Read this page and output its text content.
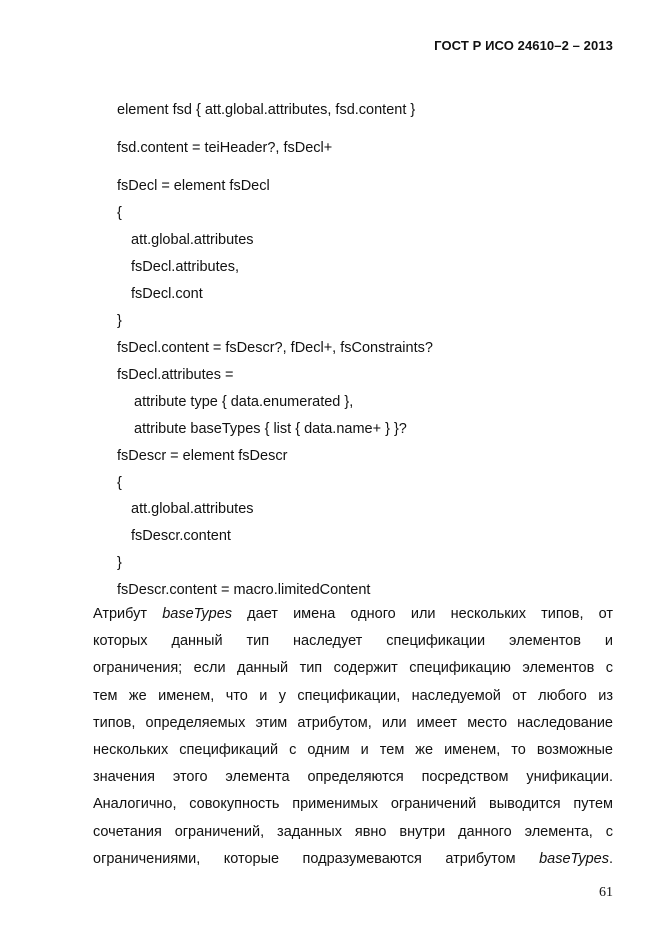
ГОСТ Р ИСО 24610–2 – 2013
element fsd { att.global.attributes, fsd.content }
fsd.content = teiHeader?, fsDecl+
fsDecl = element fsDecl
{
att.global.attributes
fsDecl.attributes,
fsDecl.cont
}
fsDecl.content = fsDescr?, fDecl+, fsConstraints?
fsDecl.attributes =
attribute type { data.enumerated },
attribute baseTypes { list { data.name+ } }?
fsDescr = element fsDescr
{
att.global.attributes
fsDescr.content
}
fsDescr.content = macro.limitedContent
Атрибут baseTypes дает имена одного или нескольких типов, от
которых данный тип наследует спецификации элементов и
ограничения; если данный тип содержит спецификацию элементов с
тем же именем, что и у спецификации, наследуемой от любого из
типов, определяемых этим атрибутом, или имеет место наследование
нескольких спецификаций с одним и тем же именем, то возможные
значения этого элемента определяются посредством унификации.
Аналогично, совокупность применимых ограничений выводится путем
сочетания ограничений, заданных явно внутри данного элемента, с
ограничениями, которые подразумеваются атрибутом baseTypes.
61
